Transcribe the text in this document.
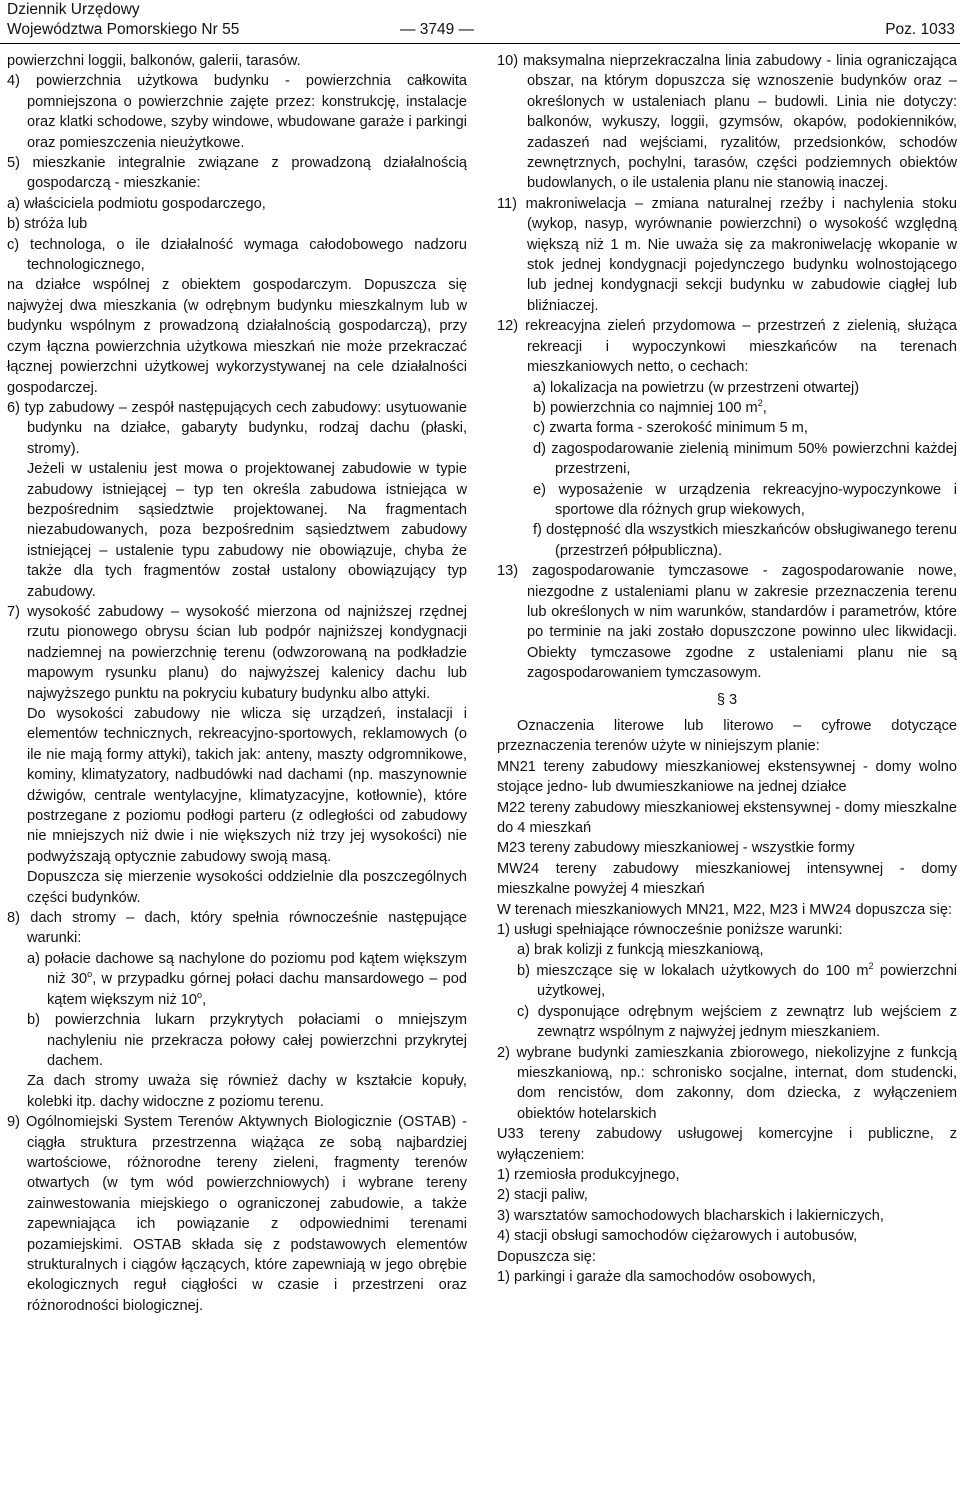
Dziennik Urzędowy
Województwa Pomorskiego Nr 55	— 3749 —	Poz. 1033

powierzchni loggii, balkonów, galerii, tarasów.

4) powierzchnia użytkowa budynku - powierzchnia całkowita pomniejszona o powierzchnie zajęte przez: konstrukcję, instalacje oraz klatki schodowe, szyby windowe, wbudowane garaże i parkingi oraz pomieszczenia nieużytkowe.

5) mieszkanie integralnie związane z prowadzoną działalnością gospodarczą - mieszkanie:

a) właściciela podmiotu gospodarczego,

b) stróża lub

c) technologa, o ile działalność wymaga całodobowego nadzoru technologicznego,

na działce wspólnej z obiektem gospodarczym. Dopuszcza się najwyżej dwa mieszkania (w odrębnym budynku mieszkalnym lub w budynku wspólnym z prowadzoną działalnością gospodarczą), przy czym łączna powierzchnia użytkowa mieszkań nie może przekraczać łącznej powierzchni użytkowej wykorzystywanej na cele działalności gospodarczej.

6) typ zabudowy – zespół następujących cech zabudowy: usytuowanie budynku na działce, gabaryty budynku, rodzaj dachu (płaski, stromy).

Jeżeli w ustaleniu jest mowa o projektowanej zabudowie w typie zabudowy istniejącej – typ ten określa zabudowa istniejąca w bezpośrednim sąsiedztwie projektowanej. Na fragmentach niezabudowanych, poza bezpośrednim sąsiedztwem zabudowy istniejącej – ustalenie typu zabudowy nie obowiązuje, chyba że także dla tych fragmentów został ustalony obowiązujący typ zabudowy.

7) wysokość zabudowy – wysokość mierzona od najniższej rzędnej rzutu pionowego obrysu ścian lub podpór najniższej kondygnacji nadziemnej na powierzchnię terenu (odwzorowaną na podkładzie mapowym rysunku planu) do najwyższej kalenicy dachu lub najwyższego punktu na pokryciu kubatury budynku albo attyki.

Do wysokości zabudowy nie wlicza się urządzeń, instalacji i elementów technicznych, rekreacyjno-sportowych, reklamowych (o ile nie mają formy attyki), takich jak: anteny, maszty odgromnikowe, kominy, klimatyzatory, nadbudówki nad dachami (np. maszynownie dźwigów, centrale wentylacyjne, klimatyzacyjne, kotłownie), które postrzegane z poziomu podłogi parteru (z odległości od zabudowy nie mniejszych niż dwie i nie większych niż trzy jej wysokości) nie podwyższają optycznie zabudowy swoją masą.

Dopuszcza się mierzenie wysokości oddzielnie dla poszczególnych części budynków.

8) dach stromy – dach, który spełnia równocześnie następujące warunki:

a) połacie dachowe są nachylone do poziomu pod kątem większym niż 30$^o$, w przypadku górnej połaci dachu mansardowego – pod kątem większym niż 10$^o$,

b) powierzchnia lukarn przykrytych połaciami o mniejszym nachyleniu nie przekracza połowy całej powierzchni przykrytej dachem.

Za dach stromy uważa się również dachy w kształcie kopuły, kolebki itp. dachy widoczne z poziomu terenu.

9) Ogólnomiejski System Terenów Aktywnych Biologicznie (OSTAB) - ciągła struktura przestrzenna wiążąca ze sobą najbardziej wartościowe, różnorodne tereny zieleni, fragmenty terenów otwartych (w tym wód powierzchniowych) i wybrane tereny zainwestowania miejskiego o ograniczonej zabudowie, a także zapewniająca ich powiązanie z odpowiednimi terenami pozamiejskimi. OSTAB składa się z podstawowych elementów strukturalnych i ciągów łączących, które zapewniają w jego obrębie ekologicznych reguł ciągłości w czasie i przestrzeni oraz różnorodności biologicznej.

10) maksymalna nieprzekraczalna linia zabudowy - linia ograniczająca obszar, na którym dopuszcza się wznoszenie budynków oraz – określonych w ustaleniach planu – budowli. Linia nie dotyczy: balkonów, wykuszy, loggii, gzymsów, okapów, podokienników, zadaszeń nad wejściami, ryzalitów, przedsionków, schodów zewnętrznych, pochylni, tarasów, części podziemnych obiektów budowlanych, o ile ustalenia planu nie stanowią inaczej.

11) makroniwelacja – zmiana naturalnej rzeźby i nachylenia stoku (wykop, nasyp, wyrównanie powierzchni) o wysokość względną większą niż 1 m. Nie uważa się za makroniwelację wkopanie w stok jednej kondygnacji pojedynczego budynku wolnostojącego lub jednej kondygnacji sekcji budynku w zabudowie ciągłej lub bliźniaczej.

12) rekreacyjna zieleń przydomowa – przestrzeń z zielenią, służąca rekreacji i wypoczynkowi mieszkańców na terenach mieszkaniowych netto, o cechach:

a) lokalizacja na powietrzu (w przestrzeni otwartej)

b) powierzchnia co najmniej 100 $m^2$,

c) zwarta forma - szerokość minimum 5 m,

d) zagospodarowanie zielenią minimum 50% powierzchni każdej przestrzeni,

e) wyposażenie w urządzenia rekreacyjno-wypoczynkowe i sportowe dla różnych grup wiekowych,

f) dostępność dla wszystkich mieszkańców obsługiwanego terenu (przestrzeń półpubliczna).

13) zagospodarowanie tymczasowe - zagospodarowanie nowe, niezgodne z ustaleniami planu w zakresie przeznaczenia terenu lub określonych w nim warunków, standardów i parametrów, które po terminie na jaki zostało dopuszczone powinno ulec likwidacji. Obiekty tymczasowe zgodne z ustaleniami planu nie są zagospodarowaniem tymczasowym.

§ 3

Oznaczenia literowe lub literowo – cyfrowe dotyczące przeznaczenia terenów użyte w niniejszym planie:

MN21 tereny zabudowy mieszkaniowej ekstensywnej - domy wolno stojące jedno- lub dwumieszkaniowe na jednej działce

M22 tereny zabudowy mieszkaniowej ekstensywnej - domy mieszkalne do 4 mieszkań

M23 tereny zabudowy mieszkaniowej - wszystkie formy

MW24 tereny zabudowy mieszkaniowej intensywnej - domy mieszkalne powyżej 4 mieszkań

W terenach mieszkaniowych MN21, M22, M23 i MW24 dopuszcza się:

1) usługi spełniające równocześnie poniższe warunki:

a) brak kolizji z funkcją mieszkaniową,

b) mieszczące się w lokalach użytkowych do 100 $m^2$ powierzchni użytkowej,

c) dysponujące odrębnym wejściem z zewnątrz lub wejściem z zewnątrz wspólnym z najwyżej jednym mieszkaniem.

2) wybrane budynki zamieszkania zbiorowego, niekolizyjne z funkcją mieszkaniową, np.: schronisko socjalne, internat, dom studencki, dom rencistów, dom zakonny, dom dziecka, z wyłączeniem obiektów hotelarskich

U33 tereny zabudowy usługowej komercyjne i publiczne, z wyłączeniem:

1) rzemiosła produkcyjnego,

2) stacji paliw,

3) warsztatów samochodowych blacharskich i lakierniczych,

4) stacji obsługi samochodów ciężarowych i autobusów,

Dopuszcza się:

1) parkingi i garaże dla samochodów osobowych,
